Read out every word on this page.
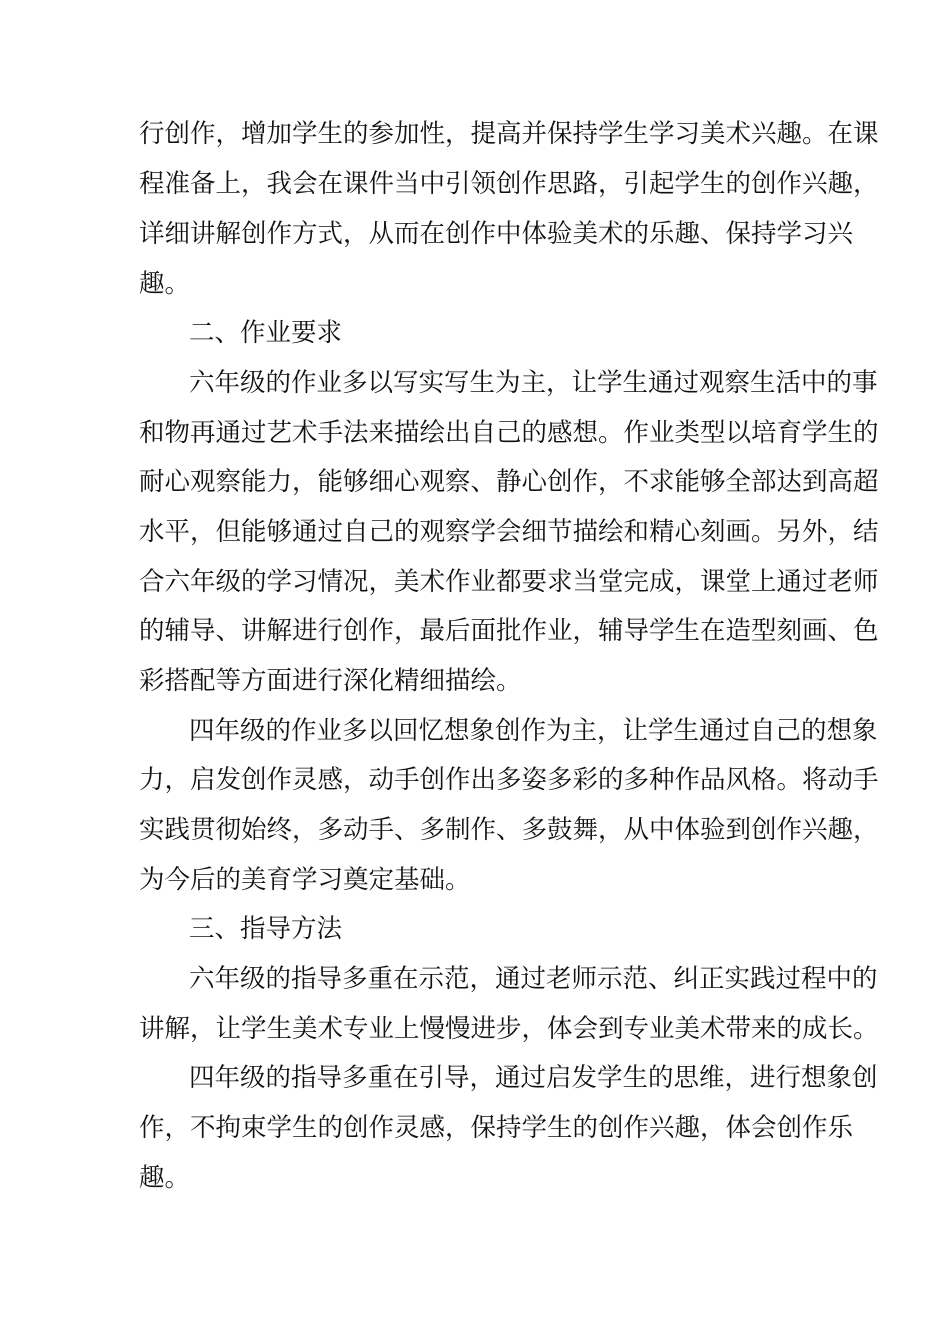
行创作，增加学生的参加性，提高并保持学生学习美术兴趣。在课
程准备上，我会在课件当中引领创作思路，引起学生的创作兴趣，
详细讲解创作方式，从而在创作中体验美术的乐趣、保持学习兴
趣。
二、作业要求
六年级的作业多以写实写生为主，让学生通过观察生活中的事
和物再通过艺术手法来描绘出自己的感想。作业类型以培育学生的
耐心观察能力，能够细心观察、静心创作，不求能够全部达到高超
水平，但能够通过自己的观察学会细节描绘和精心刻画。另外，结
合六年级的学习情况，美术作业都要求当堂完成，课堂上通过老师
的辅导、讲解进行创作，最后面批作业，辅导学生在造型刻画、色
彩搭配等方面进行深化精细描绘。
四年级的作业多以回忆想象创作为主，让学生通过自己的想象
力，启发创作灵感，动手创作出多姿多彩的多种作品风格。将动手
实践贯彻始终，多动手、多制作、多鼓舞，从中体验到创作兴趣，
为今后的美育学习奠定基础。
三、指导方法
六年级的指导多重在示范，通过老师示范、纠正实践过程中的
讲解，让学生美术专业上慢慢进步，体会到专业美术带来的成长。
四年级的指导多重在引导，通过启发学生的思维，进行想象创
作，不拘束学生的创作灵感，保持学生的创作兴趣，体会创作乐
趣。
